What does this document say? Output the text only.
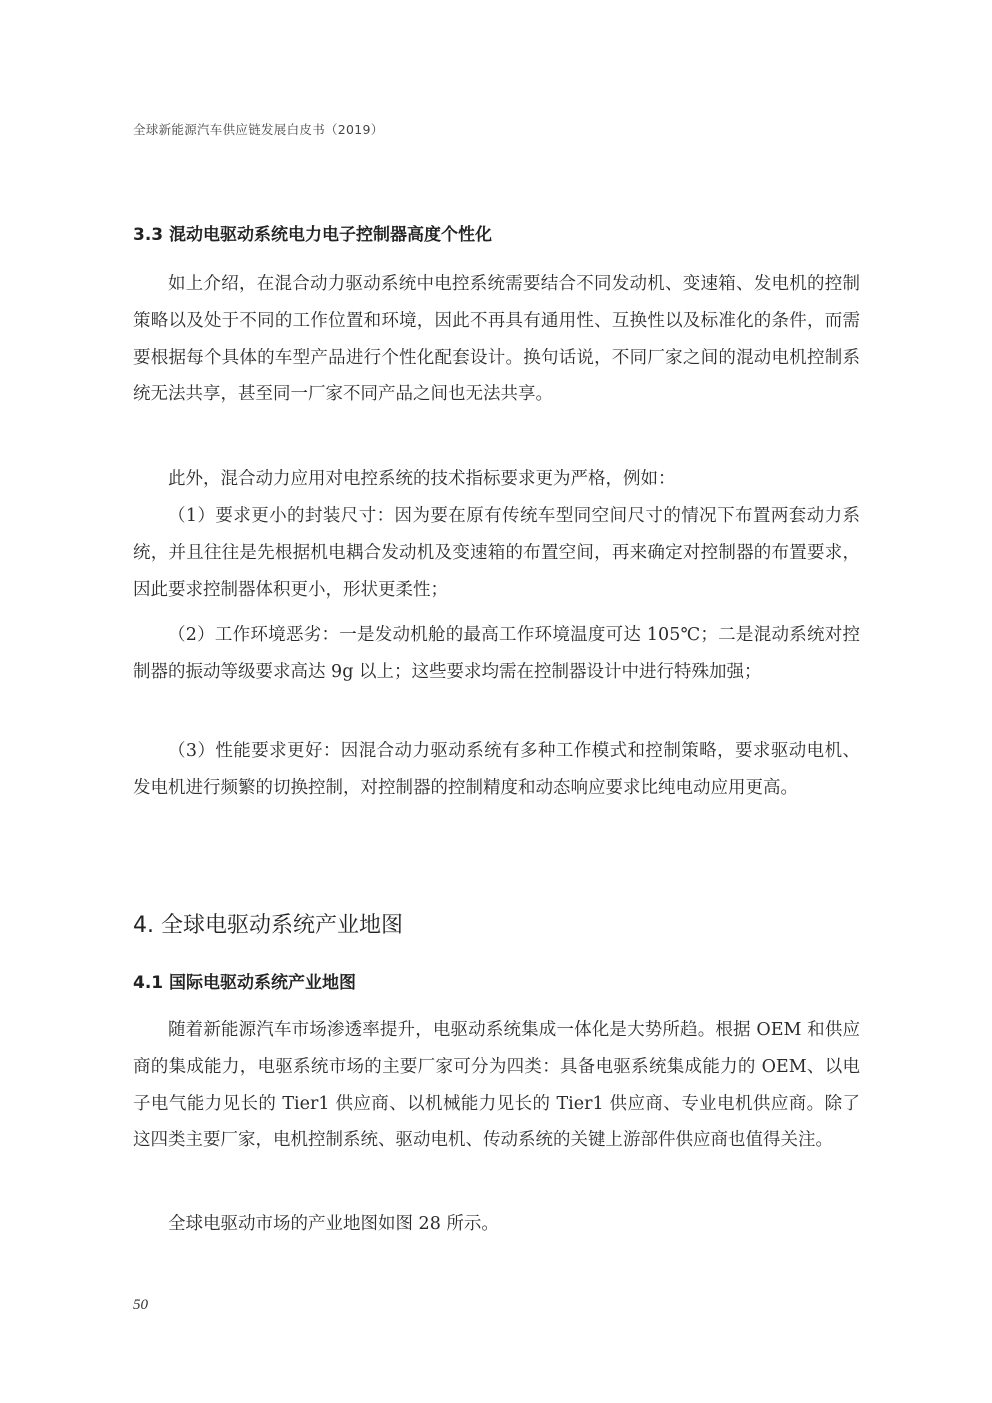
全球新能源汽车供应链发展白皮书（2019）
3.3 混动电驱动系统电力电子控制器高度个性化

如上介绍，在混合动力驱动系统中电控系统需要结合不同发动机、变速箱、发电机的控制策略以及处于不同的工作位置和环境，因此不再具有通用性、互换性以及标准化的条件，而需要根据每个具体的车型产品进行个性化配套设计。换句话说，不同厂家之间的混动电机控制系统无法共享，甚至同一厂家不同产品之间也无法共享。

此外，混合动力应用对电控系统的技术指标要求更为严格，例如：

（1）要求更小的封装尺寸：因为要在原有传统车型同空间尺寸的情况下布置两套动力系统，并且往往是先根据机电耦合发动机及变速箱的布置空间，再来确定对控制器的布置要求，因此要求控制器体积更小，形状更柔性；

（2）工作环境恶劣：一是发动机舱的最高工作环境温度可达 105℃；二是混动系统对控制器的振动等级要求高达 9g 以上；这些要求均需在控制器设计中进行特殊加强；

（3）性能要求更好：因混合动力驱动系统有多种工作模式和控制策略，要求驱动电机、发电机进行频繁的切换控制，对控制器的控制精度和动态响应要求比纯电动应用更高。

4. 全球电驱动系统产业地图
4.1 国际电驱动系统产业地图

随着新能源汽车市场渗透率提升，电驱动系统集成一体化是大势所趋。根据 OEM 和供应商的集成能力，电驱系统市场的主要厂家可分为四类：具备电驱系统集成能力的 OEM、以电子电气能力见长的 Tier1 供应商、以机械能力见长的 Tier1 供应商、专业电机供应商。除了这四类主要厂家，电机控制系统、驱动电机、传动系统的关键上游部件供应商也值得关注。

全球电驱动市场的产业地图如图 28 所示。

50
